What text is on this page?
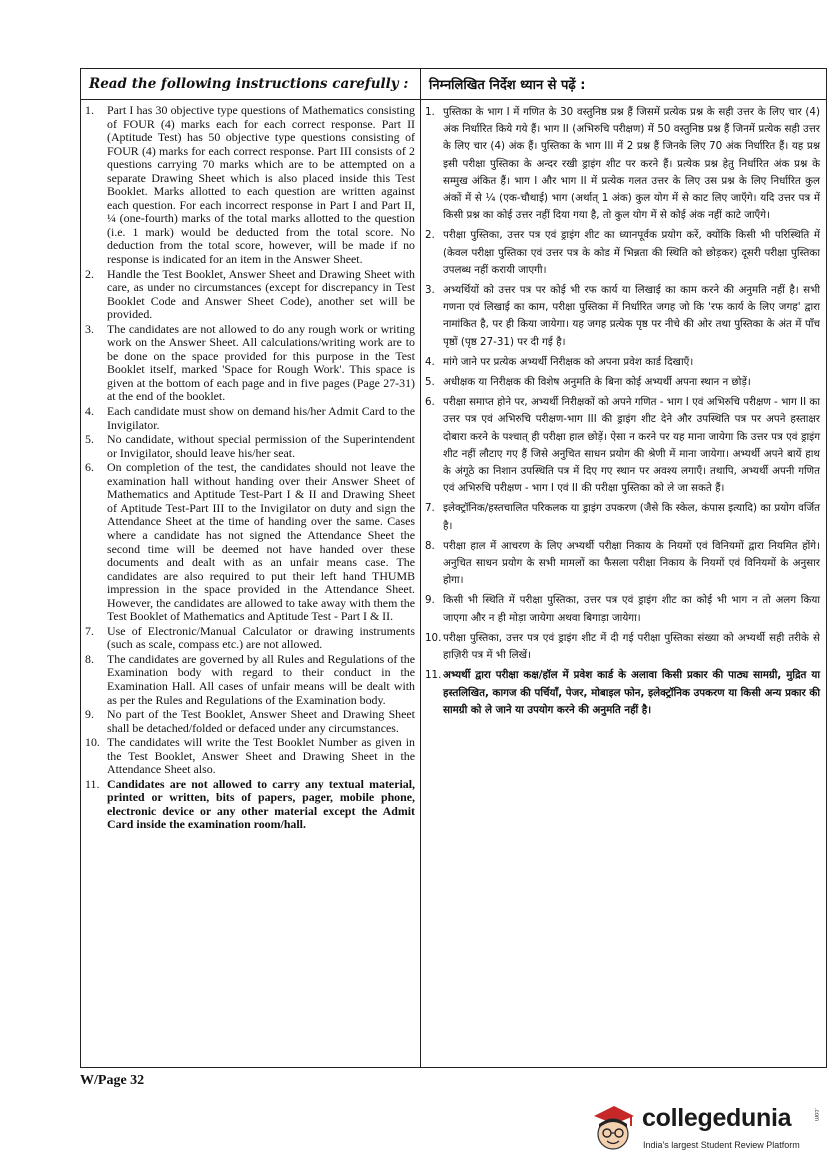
Read the following instructions carefully :	निम्नलिखित निर्देश ध्यान से पढ़ें :
1.	Part I has 30 objective type questions of Mathematics consisting of FOUR (4) marks each for each correct response. Part II (Aptitude Test) has 50 objective type questions consisting of FOUR (4) marks for each correct response. Part III consists of 2 questions carrying 70 marks which are to be attempted on a separate Drawing Sheet which is also placed inside this Test Booklet. Marks allotted to each question are written against each question. For each incorrect response in Part I and Part II, ¼ (one-fourth) marks of the total marks allotted to the question (i.e. 1 mark) would be deducted from the total score. No deduction from the total score, however, will be made if no response is indicated for an item in the Answer Sheet.
2.	Handle the Test Booklet, Answer Sheet and Drawing Sheet with care, as under no circumstances (except for discrepancy in Test Booklet Code and Answer Sheet Code), another set will be provided.
3.	The candidates are not allowed to do any rough work or writing work on the Answer Sheet. All calculations/writing work are to be done on the space provided for this purpose in the Test Booklet itself, marked 'Space for Rough Work'. This space is given at the bottom of each page and in five pages (Page 27-31) at the end of the booklet.
4.	Each candidate must show on demand his/her Admit Card to the Invigilator.
5.	No candidate, without special permission of the Superintendent or Invigilator, should leave his/her seat.
6.	On completion of the test, the candidates should not leave the examination hall without handing over their Answer Sheet of Mathematics and Aptitude Test-Part I & II and Drawing Sheet of Aptitude Test-Part III to the Invigilator on duty and sign the Attendance Sheet at the time of handing over the same. Cases where a candidate has not signed the Attendance Sheet the second time will be deemed not have handed over these documents and dealt with as an unfair means case. The candidates are also required to put their left hand THUMB impression in the space provided in the Attendance Sheet. However, the candidates are allowed to take away with them the Test Booklet of Mathematics and Aptitude Test - Part I & II.
7.	Use of Electronic/Manual Calculator or drawing instruments (such as scale, compass etc.) are not allowed.
8.	The candidates are governed by all Rules and Regulations of the Examination body with regard to their conduct in the Examination Hall. All cases of unfair means will be dealt with as per the Rules and Regulations of the Examination body.
9.	No part of the Test Booklet, Answer Sheet and Drawing Sheet shall be detached/folded or defaced under any circumstances.
10. The candidates will write the Test Booklet Number as given in the Test Booklet, Answer Sheet and Drawing Sheet in the Attendance Sheet also.
11. Candidates are not allowed to carry any textual material, printed or written, bits of papers, pager, mobile phone, electronic device or any other material except the Admit Card inside the examination room/hall.
1. पुस्तिका के भाग I में गणित के 30 वस्तुनिष्ठ प्रश्न हैं जिसमें प्रत्येक प्रश्न के सही उत्तर के लिए चार (4) अंक निर्धारित किये गये हैं। भाग II (अभिरुचि परीक्षण) में 50 वस्तुनिष्ठ प्रश्न हैं जिनमें प्रत्येक सही उत्तर के लिए चार (4) अंक हैं। पुस्तिका के भाग III में 2 प्रश्न हैं जिनके लिए 70 अंक निर्धारित हैं। यह प्रश्न इसी परीक्षा पुस्तिका के अन्दर रखी ड्राइंग शीट पर करने हैं। प्रत्येक प्रश्न हेतु निर्धारित अंक प्रश्न के सम्मुख अंकित हैं। भाग I और भाग II में प्रत्येक गलत उत्तर के लिए उस प्रश्न के लिए निर्धारित कुल अंकों में से ¼ (एक-चौथाई) भाग (अर्थात् 1 अंक) कुल योग में से काट लिए जाएँगे। यदि उत्तर पत्र में किसी प्रश्न का कोई उत्तर नहीं दिया गया है, तो कुल योग में से कोई अंक नहीं काटे जाएँगे।
2. परीक्षा पुस्तिका, उत्तर पत्र एवं ड्राइंग शीट का ध्यानपूर्वक प्रयोग करें, क्योंकि किसी भी परिस्थिति में (केवल परीक्षा पुस्तिका एवं उत्तर पत्र के कोड में भिन्नता की स्थिति को छोड़कर) दूसरी परीक्षा पुस्तिका उपलब्ध नहीं करायी जाएगी।
3. अभ्यर्थियों को उत्तर पत्र पर कोई भी रफ कार्य या लिखाई का काम करने की अनुमति नहीं है। सभी गणना एवं लिखाई का काम, परीक्षा पुस्तिका में निर्धारित जगह जो कि 'रफ कार्य के लिए जगह' द्वारा नामांकित है, पर ही किया जायेगा। यह जगह प्रत्येक पृष्ठ पर नीचे की ओर तथा पुस्तिका के अंत में पाँच पृष्ठों (पृष्ठ 27-31) पर दी गई है।
4. मांगे जाने पर प्रत्येक अभ्यर्थी निरीक्षक को अपना प्रवेश कार्ड दिखाएँ।
5. अधीक्षक या निरीक्षक की विशेष अनुमति के बिना कोई अभ्यर्थी अपना स्थान न छोड़ें।
6. परीक्षा समाप्त होने पर, अभ्यर्थी निरीक्षकों को अपने गणित - भाग I एवं अभिरुचि परीक्षण - भाग II का उत्तर पत्र एवं अभिरुचि परीक्षण-भाग III की ड्राइंग शीट देने और उपस्थिति पत्र पर अपने हस्ताक्षर दोबारा करने के पश्चात् ही परीक्षा हाल छोड़ें। ऐसा न करने पर यह माना जायेगा कि उत्तर पत्र एवं ड्राइंग शीट नहीं लौटाए गए हैं जिसे अनुचित साधन प्रयोग की श्रेणी में माना जायेगा। अभ्यर्थी अपने बायें हाथ के अंगूठे का निशान उपस्थिति पत्र में दिए गए स्थान पर अवश्य लगाएँ। तथापि, अभ्यर्थी अपनी गणित एवं अभिरुचि परीक्षण - भाग I एवं II की परीक्षा पुस्तिका को ले जा सकते हैं।
7. इलेक्ट्रॉनिक/हस्तचालित परिकलक या ड्राइंग उपकरण (जैसे कि स्केल, कंपास इत्यादि) का प्रयोग वर्जित है।
8. परीक्षा हाल में आचरण के लिए अभ्यर्थी परीक्षा निकाय के नियमों एवं विनियमों द्वारा नियमित होंगे। अनुचित साधन प्रयोग के सभी मामलों का फैसला परीक्षा निकाय के नियमों एवं विनियमों के अनुसार होगा।
9. किसी भी स्थिति में परीक्षा पुस्तिका, उत्तर पत्र एवं ड्राइंग शीट का कोई भी भाग न तो अलग किया जाएगा और न ही मोड़ा जायेगा अथवा बिगाड़ा जायेगा।
10. परीक्षा पुस्तिका, उत्तर पत्र एवं ड्राइंग शीट में दी गई परीक्षा पुस्तिका संख्या को अभ्यर्थी सही तरीके से हाज़िरी पत्र में भी लिखें।
11. अभ्यर्थी द्वारा परीक्षा कक्ष/हॉल में प्रवेश कार्ड के अलावा किसी प्रकार की पाठ्य सामग्री, मुद्रित या हस्तलिखित, कागज की पर्चियाँ, पेजर, मोबाइल फोन, इलेक्ट्रॉनिक उपकरण या किसी अन्य प्रकार की सामग्री को ले जाने या उपयोग करने की अनुमति नहीं है।
W/Page 32
collegedunia	.com
India's largest Student Review Platform
